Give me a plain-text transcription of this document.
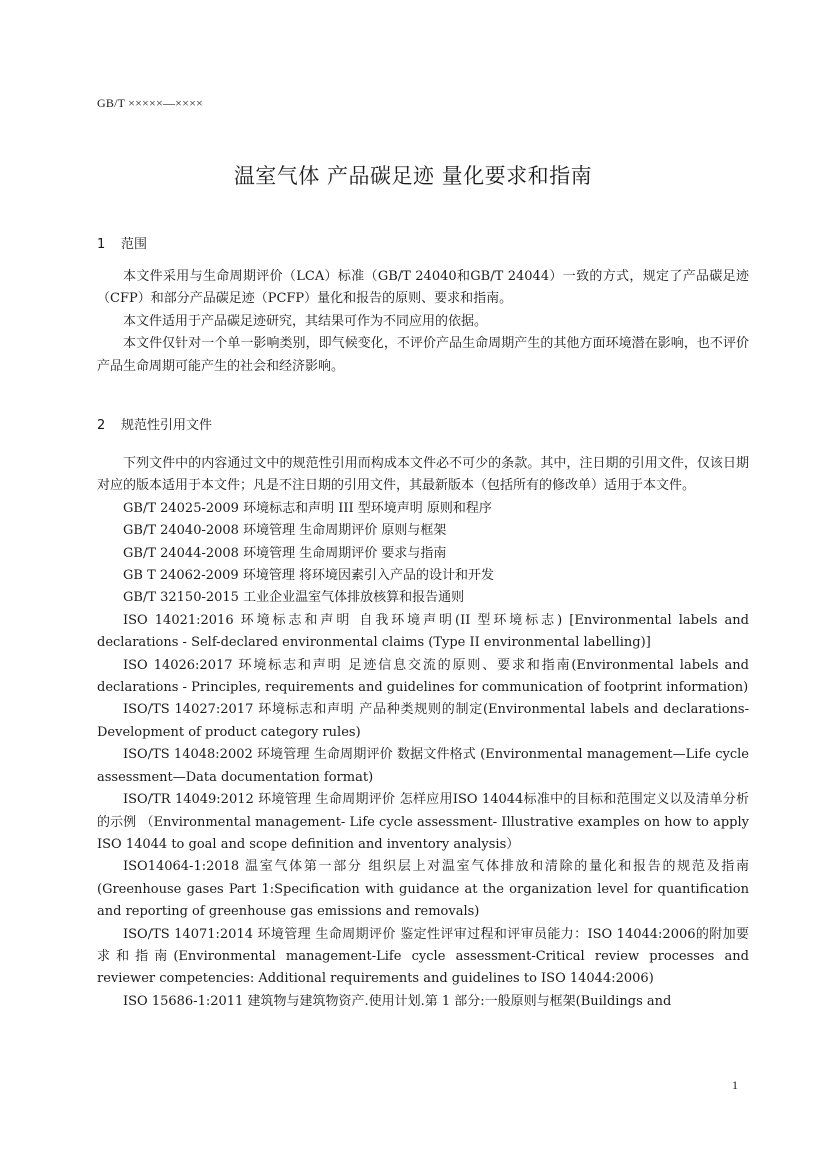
GB/T ×××××—××××
温室气体 产品碳足迹 量化要求和指南
1 范围

本文件采用与生命周期评价（LCA）标准（GB/T 24040和GB/T 24044）一致的方式，规定了产品碳足迹（CFP）和部分产品碳足迹（PCFP）量化和报告的原则、要求和指南。

本文件适用于产品碳足迹研究，其结果可作为不同应用的依据。

本文件仅针对一个单一影响类别，即气候变化，不评价产品生命周期产生的其他方面环境潜在影响，也不评价产品生命周期可能产生的社会和经济影响。

2 规范性引用文件

下列文件中的内容通过文中的规范性引用而构成本文件必不可少的条款。其中，注日期的引用文件，仅该日期对应的版本适用于本文件；凡是不注日期的引用文件，其最新版本（包括所有的修改单）适用于本文件。

GB/T 24025-2009 环境标志和声明 III 型环境声明 原则和程序

GB/T 24040-2008 环境管理 生命周期评价 原则与框架

GB/T 24044-2008 环境管理 生命周期评价 要求与指南

GB T 24062-2009 环境管理 将环境因素引入产品的设计和开发

GB/T 32150-2015 工业企业温室气体排放核算和报告通则

ISO 14021:2016 环境标志和声明 自我环境声明(II 型环境标志) [Environmental labels and declarations - Self-declared environmental claims (Type II environmental labelling)]

ISO 14026:2017 环境标志和声明 足迹信息交流的原则、要求和指南(Environmental labels and declarations - Principles, requirements and guidelines for communication of footprint information)

ISO/TS 14027:2017 环境标志和声明 产品种类规则的制定(Environmental labels and declarations-Development of product category rules)

ISO/TS 14048:2002 环境管理 生命周期评价 数据文件格式 (Environmental management—Life cycle assessment—Data documentation format)

ISO/TR 14049:2012 环境管理 生命周期评价 怎样应用ISO 14044标准中的目标和范围定义以及清单分析的示例 （Environmental management- Life cycle assessment- Illustrative examples on how to apply ISO 14044 to goal and scope definition and inventory analysis）

ISO14064-1:2018 温室气体第一部分 组织层上对温室气体排放和清除的量化和报告的规范及指南(Greenhouse gases Part 1:Specification with guidance at the organization level for quantification and reporting of greenhouse gas emissions and removals)

ISO/TS 14071:2014 环境管理 生命周期评价 鉴定性评审过程和评审员能力：ISO 14044:2006的附加要求和指南(Environmental management-Life cycle assessment-Critical review processes and reviewer competencies: Additional requirements and guidelines to ISO 14044:2006)

ISO 15686-1:2011 建筑物与建筑物资产.使用计划.第 1 部分:一般原则与框架(Buildings and

1
